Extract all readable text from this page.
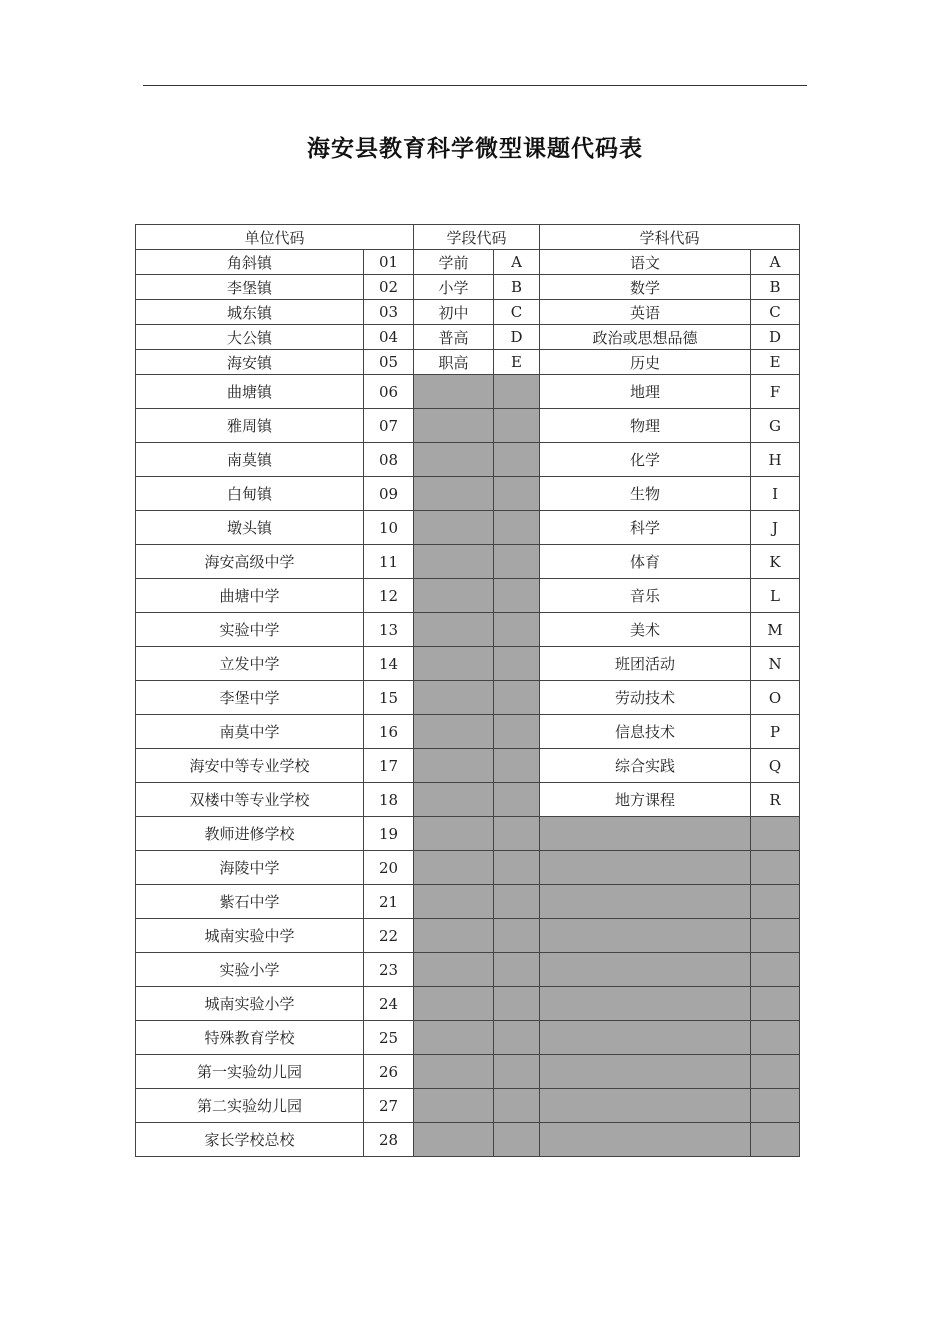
海安县教育科学微型课题代码表
单位代码		学段代码		学科代码	
角斜镇	01	学前	A	语文	A
李堡镇	02	小学	B	数学	B
城东镇	03	初中	C	英语	C
大公镇	04	普高	D	政治或思想品德	D
海安镇	05	职高	E	历史	E
曲塘镇	06			地理	F
雅周镇	07			物理	G
南莫镇	08			化学	H
白甸镇	09			生物	I
墩头镇	10			科学	J
海安高级中学	11			体育	K
曲塘中学	12			音乐	L
实验中学	13			美术	M
立发中学	14			班团活动	N
李堡中学	15			劳动技术	O
南莫中学	16			信息技术	P
海安中等专业学校	17			综合实践	Q
双楼中等专业学校	18			地方课程	R
教师进修学校	19				
海陵中学	20				
紫石中学	21				
城南实验中学	22				
实验小学	23				
城南实验小学	24				
特殊教育学校	25				
第一实验幼儿园	26				
第二实验幼儿园	27				
家长学校总校	28				
